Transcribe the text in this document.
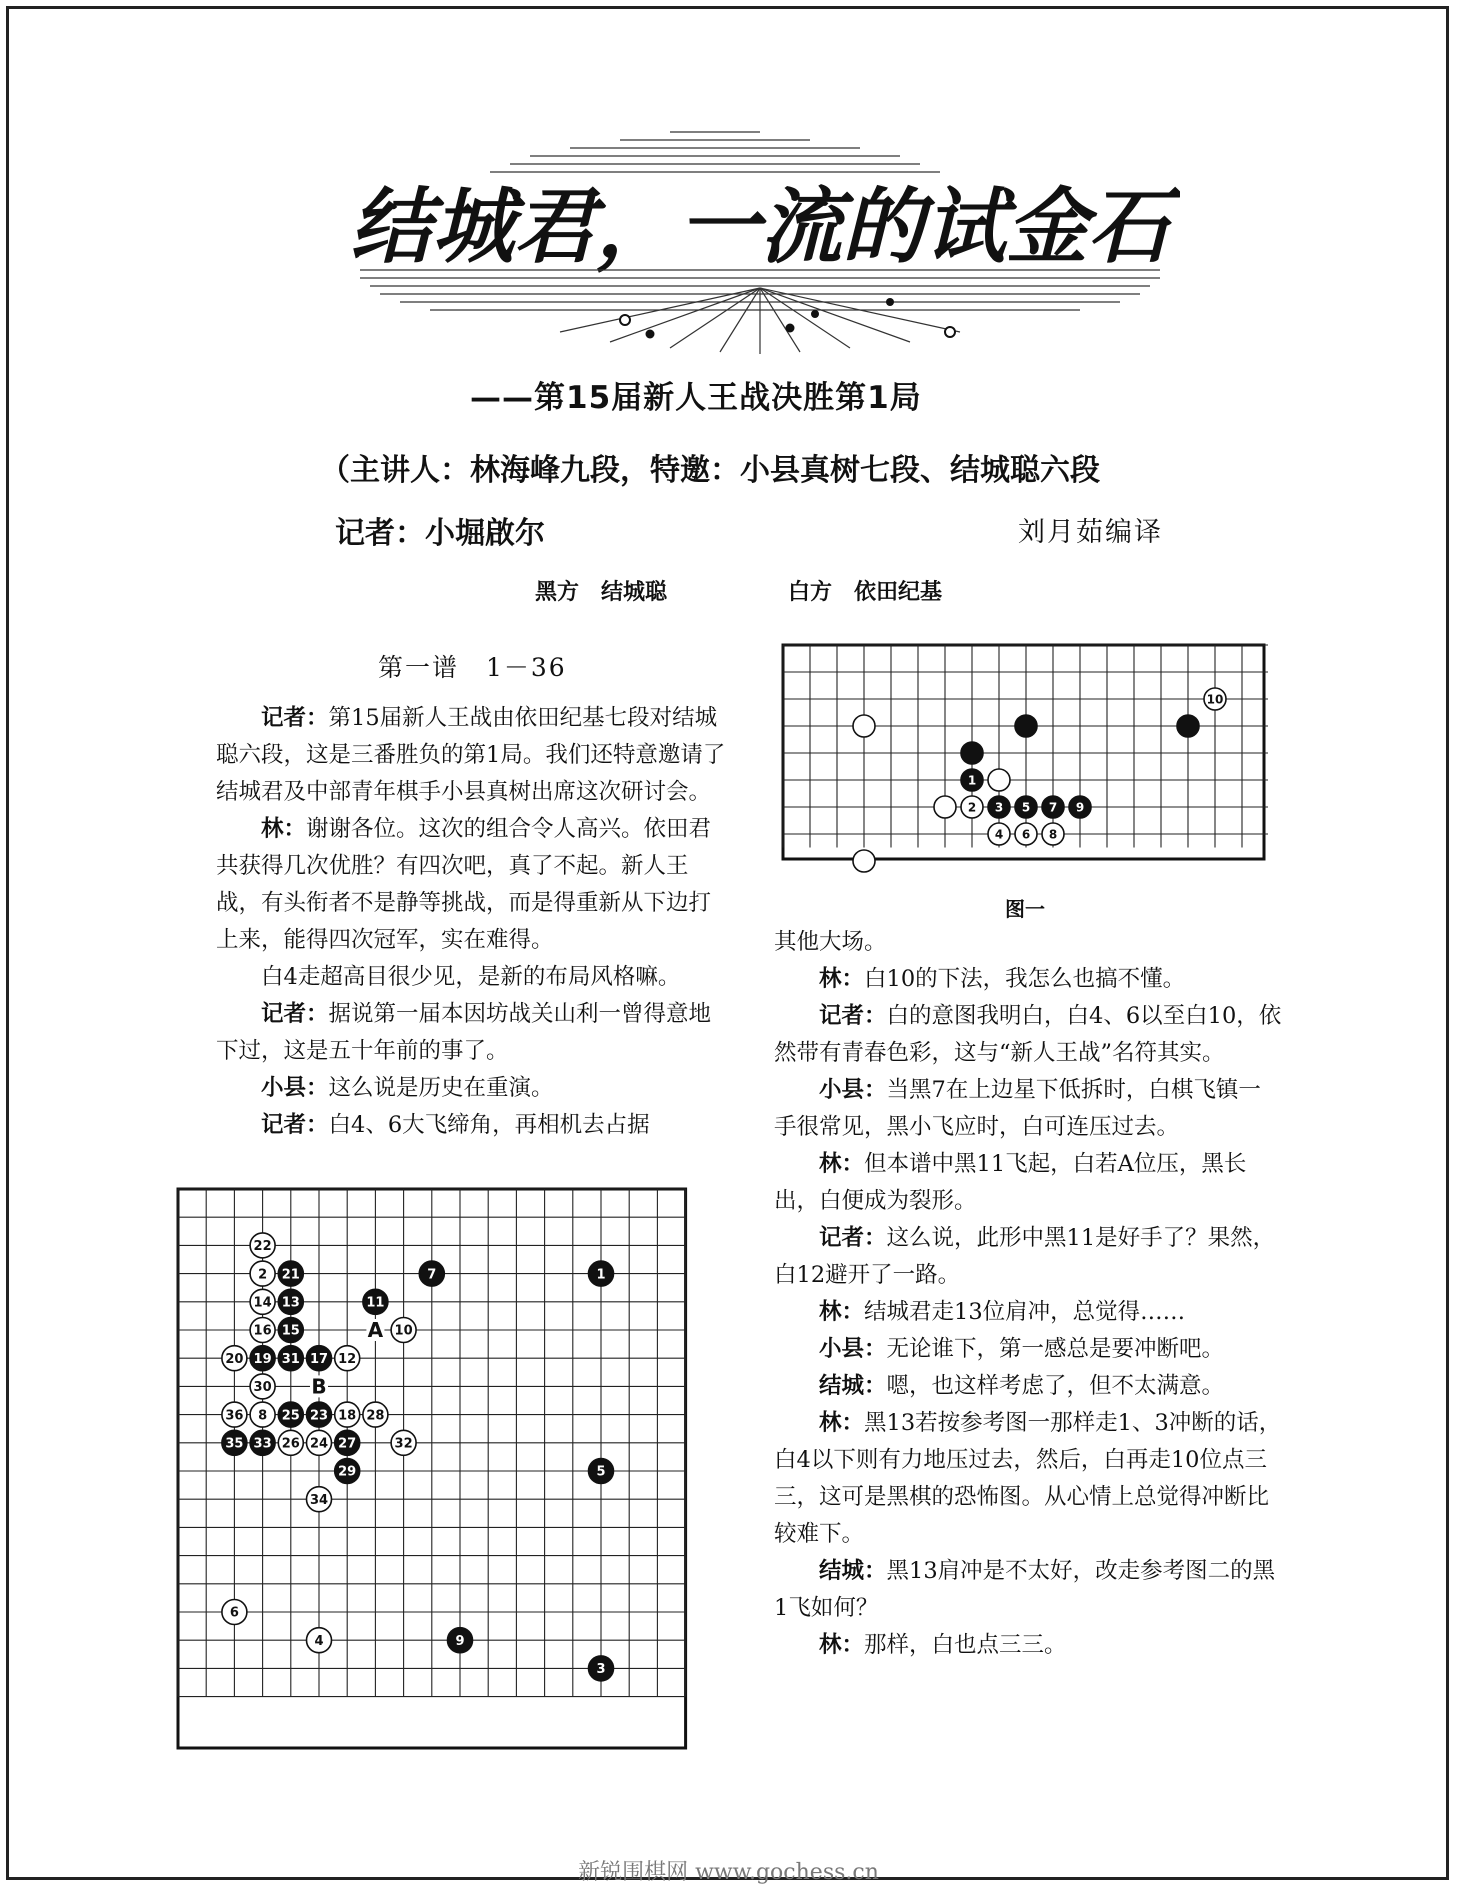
结城君，一流的试金石
——第15届新人王战决胜第1局
（主讲人：林海峰九段，特邀：小县真树七段、结城聪六段
记者：小堀啟尔	刘月茹编译
黑方　结城聪	白方　依田纪基
第一谱　1－36
10
1
2 3 5 7 9
4 6 8
图一

记者：第15届新人王战由依田纪基七段对结城聪六段，这是三番胜负的第1局。我们还特意邀请了结城君及中部青年棋手小县真树出席这次研讨会。

林：谢谢各位。这次的组合令人高兴。依田君共获得几次优胜？有四次吧，真了不起。新人王战，有头衔者不是静等挑战，而是得重新从下边打上来，能得四次冠军，实在难得。

白4走超高目很少见，是新的布局风格嘛。

记者：据说第一届本因坊战关山利一曾得意地下过，这是五十年前的事了。

小县：这么说是历史在重演。

记者：白4、6大飞缔角，再相机去占据

其他大场。

林：白10的下法，我怎么也搞不懂。

记者：白的意图我明白，白4、6以至白10，依然带有青春色彩，这与“新人王战”名符其实。

小县：当黑7在上边星下低拆时，白棋飞镇一手很常见，黑小飞应时，白可连压过去。

林：但本谱中黑11飞起，白若A位压，黑长出，白便成为裂形。

记者：这么说，此形中黑11是好手了？果然，白12避开了一路。

林：结城君走13位肩冲，总觉得……

小县：无论谁下，第一感总是要冲断吧。

结城：嗯，也这样考虑了，但不太满意。

林：黑13若按参考图一那样走1、3冲断的话，白4以下则有力地压过去，然后，白再走10位点三三，这可是黑棋的恐怖图。从心情上总觉得冲断比较难下。

结城：黑13肩冲是不太好，改走参考图二的黑1飞如何？

林：那样，白也点三三。

22
2 21	7	1
14 13	11
16 15	10
20 19 31 17 12
30
36 8 25 23 18 28
35 33 26 24 27	32
29	5
34
6
4	9
3
A
B
新锐围棋网 www.gochess.cn
